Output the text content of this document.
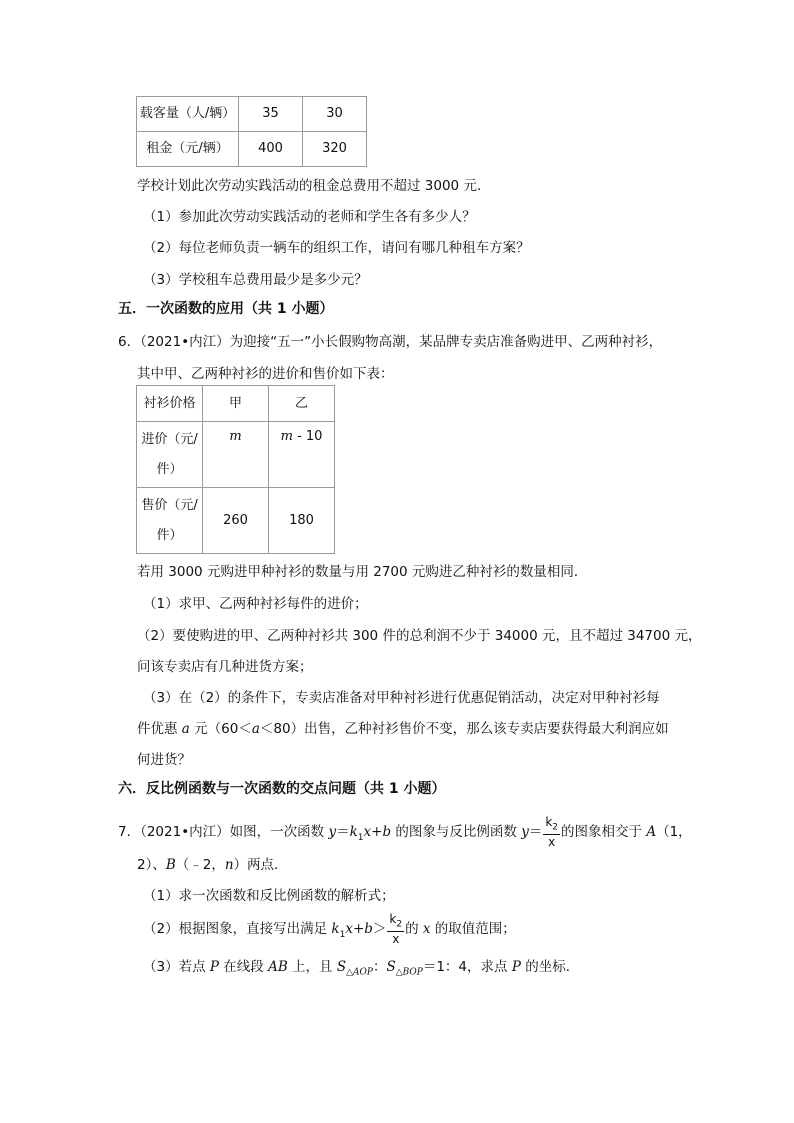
载客量（人/辆）	35	30
租金（元/辆）	400	320
学校计划此次劳动实践活动的租金总费用不超过 3000 元．
（1）参加此次劳动实践活动的老师和学生各有多少人？
（2）每位老师负责一辆车的组织工作，请问有哪几种租车方案？
（3）学校租车总费用最少是多少元？
五．一次函数的应用（共 1 小题）
6．（2021•内江）为迎接“五一”小长假购物高潮，某品牌专卖店准备购进甲、乙两种衬衫，
其中甲、乙两种衬衫的进价和售价如下表：
衬衫价格	甲	乙

进价（元/
件）	m	m - 10

售价（元/
件）	260	180
若用 3000 元购进甲种衬衫的数量与用 2700 元购进乙种衬衫的数量相同．
（1）求甲、乙两种衬衫每件的进价；
（2）要使购进的甲、乙两种衬衫共 300 件的总利润不少于 34000 元，且不超过 34700 元，
问该专卖店有几种进货方案；
（3）在（2）的条件下，专卖店准备对甲种衬衫进行优惠促销活动，决定对甲种衬衫每
件优惠 a 元（60＜a＜80）出售，乙种衬衫售价不变，那么该专卖店要获得最大利润应如
何进货？
六．反比例函数与一次函数的交点问题（共 1 小题）
7．（2021•内江）如图，一次函数 $y=k_1x+b$ 的图象与反比例函数 $y= \frac{k_2}{x}$ 的图象相交于 A（1，
2）、B（﹣2，n）两点．
（1）求一次函数和反比例函数的解析式；
（2）根据图象，直接写出满足 $k_1x+b> \frac{k_2}{x}$ 的 x 的取值范围；
（3）若点 P 在线段 AB 上，且 $S_{\triangle AOP}$：$S_{\triangle BOP}=1$：4，求点 P 的坐标．
